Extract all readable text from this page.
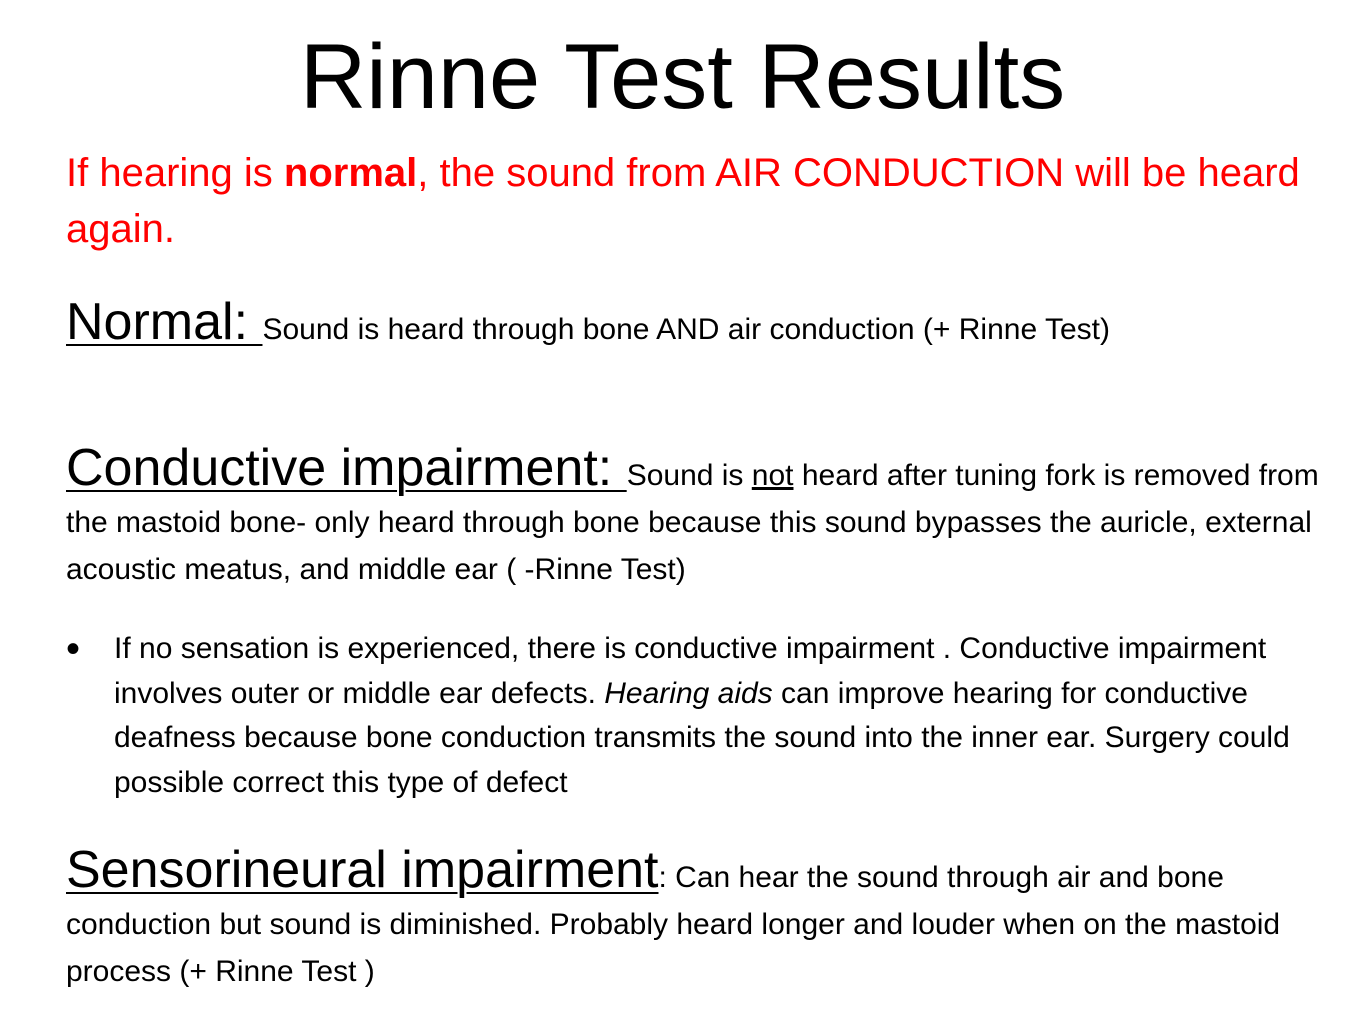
Rinne Test Results

If hearing is normal, the sound from AIR CONDUCTION will be heard again.

Normal: Sound is heard through bone AND air conduction (+ Rinne Test)

Conductive impairment: Sound is not heard after tuning fork is removed from the mastoid bone- only heard through bone because this sound bypasses the auricle, external acoustic meatus, and middle ear ( -Rinne Test)

• If no sensation is experienced, there is conductive impairment . Conductive impairment involves outer or middle ear defects. Hearing aids can improve hearing for conductive deafness because bone conduction transmits the sound into the inner ear. Surgery could possible correct this type of defect

Sensorineural impairment: Can hear the sound through air and bone conduction but sound is diminished. Probably heard longer and louder when on the mastoid process (+ Rinne Test )
